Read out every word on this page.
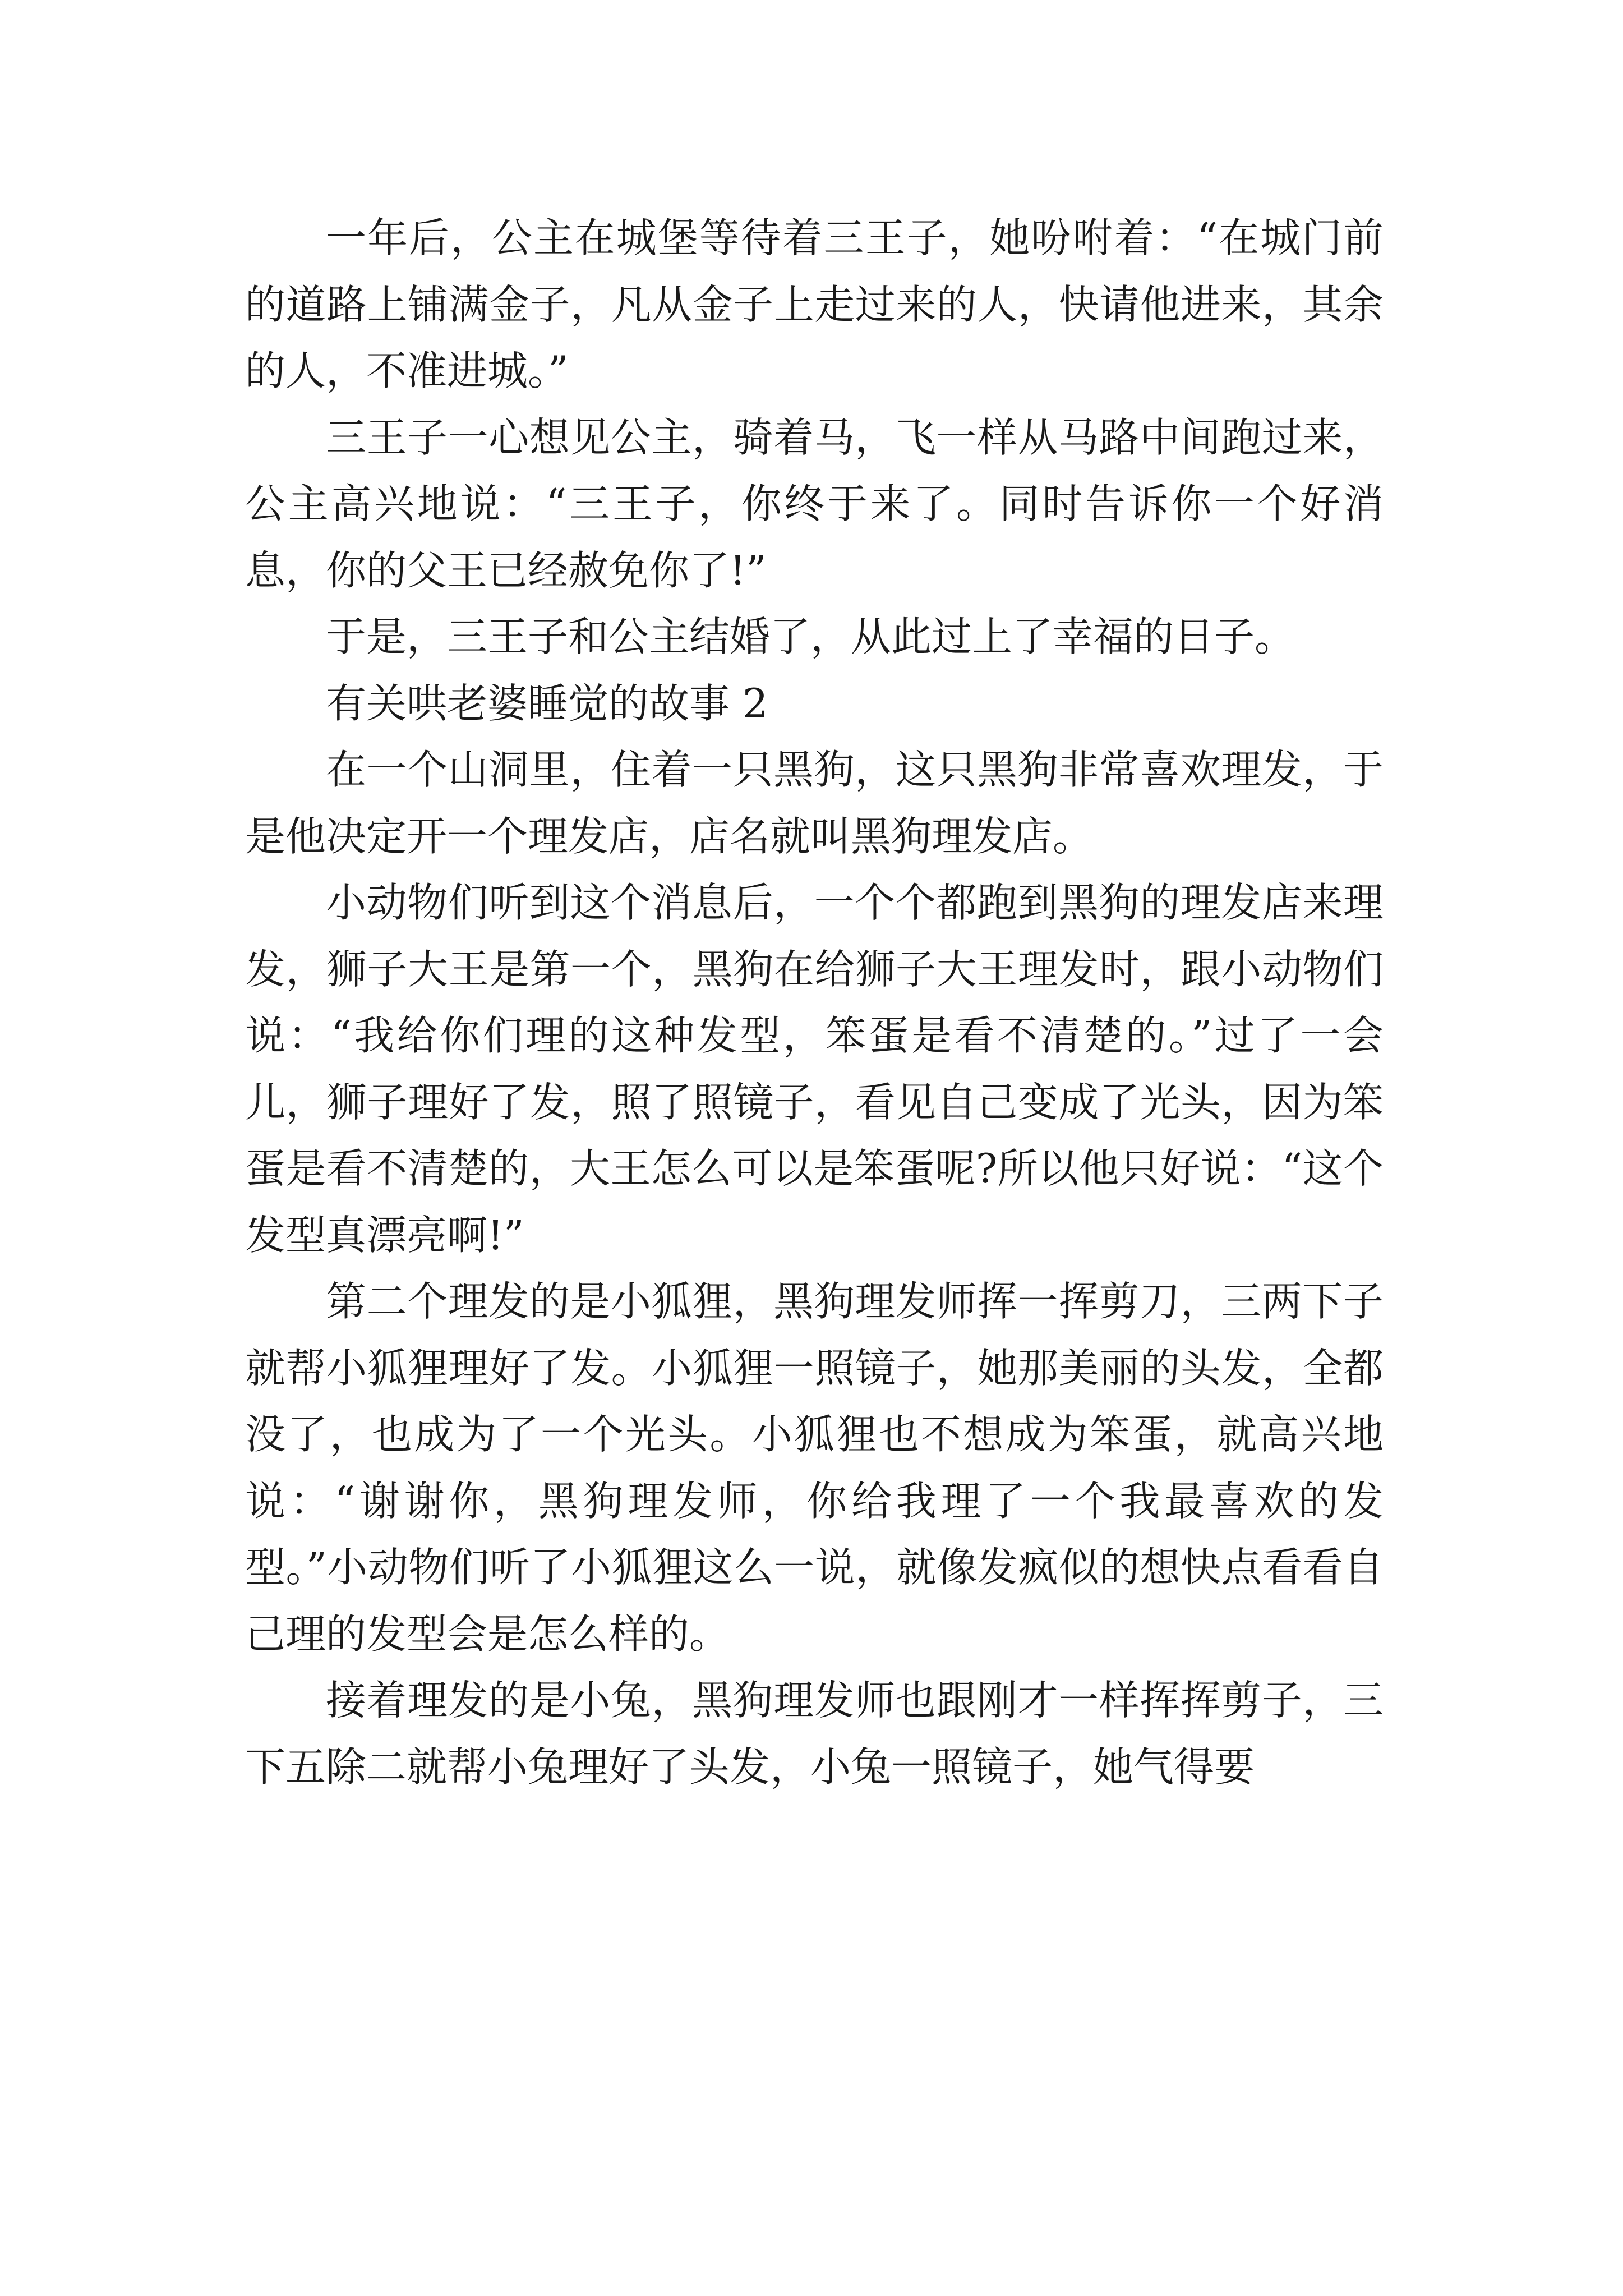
一年后，公主在城堡等待着三王子，她吩咐着：“在城门前的道路上铺满金子，凡从金子上走过来的人，快请他进来，其余的人，不准进城。”

三王子一心想见公主，骑着马，飞一样从马路中间跑过来，公主高兴地说：“三王子，你终于来了。同时告诉你一个好消息，你的父王已经赦免你了!”

于是，三王子和公主结婚了，从此过上了幸福的日子。

有关哄老婆睡觉的故事 2

在一个山洞里，住着一只黑狗，这只黑狗非常喜欢理发，于是他决定开一个理发店，店名就叫黑狗理发店。

小动物们听到这个消息后，一个个都跑到黑狗的理发店来理发，狮子大王是第一个，黑狗在给狮子大王理发时，跟小动物们说：“我给你们理的这种发型，笨蛋是看不清楚的。”过了一会儿，狮子理好了发，照了照镜子，看见自己变成了光头，因为笨蛋是看不清楚的，大王怎么可以是笨蛋呢?所以他只好说：“这个发型真漂亮啊!”

第二个理发的是小狐狸，黑狗理发师挥一挥剪刀，三两下子就帮小狐狸理好了发。小狐狸一照镜子，她那美丽的头发，全都没了，也成为了一个光头。小狐狸也不想成为笨蛋，就高兴地说：“谢谢你，黑狗理发师，你给我理了一个我最喜欢的发型。”小动物们听了小狐狸这么一说，就像发疯似的想快点看看自己理的发型会是怎么样的。

接着理发的是小兔，黑狗理发师也跟刚才一样挥挥剪子，三下五除二就帮小兔理好了头发，小兔一照镜子，她气得要
